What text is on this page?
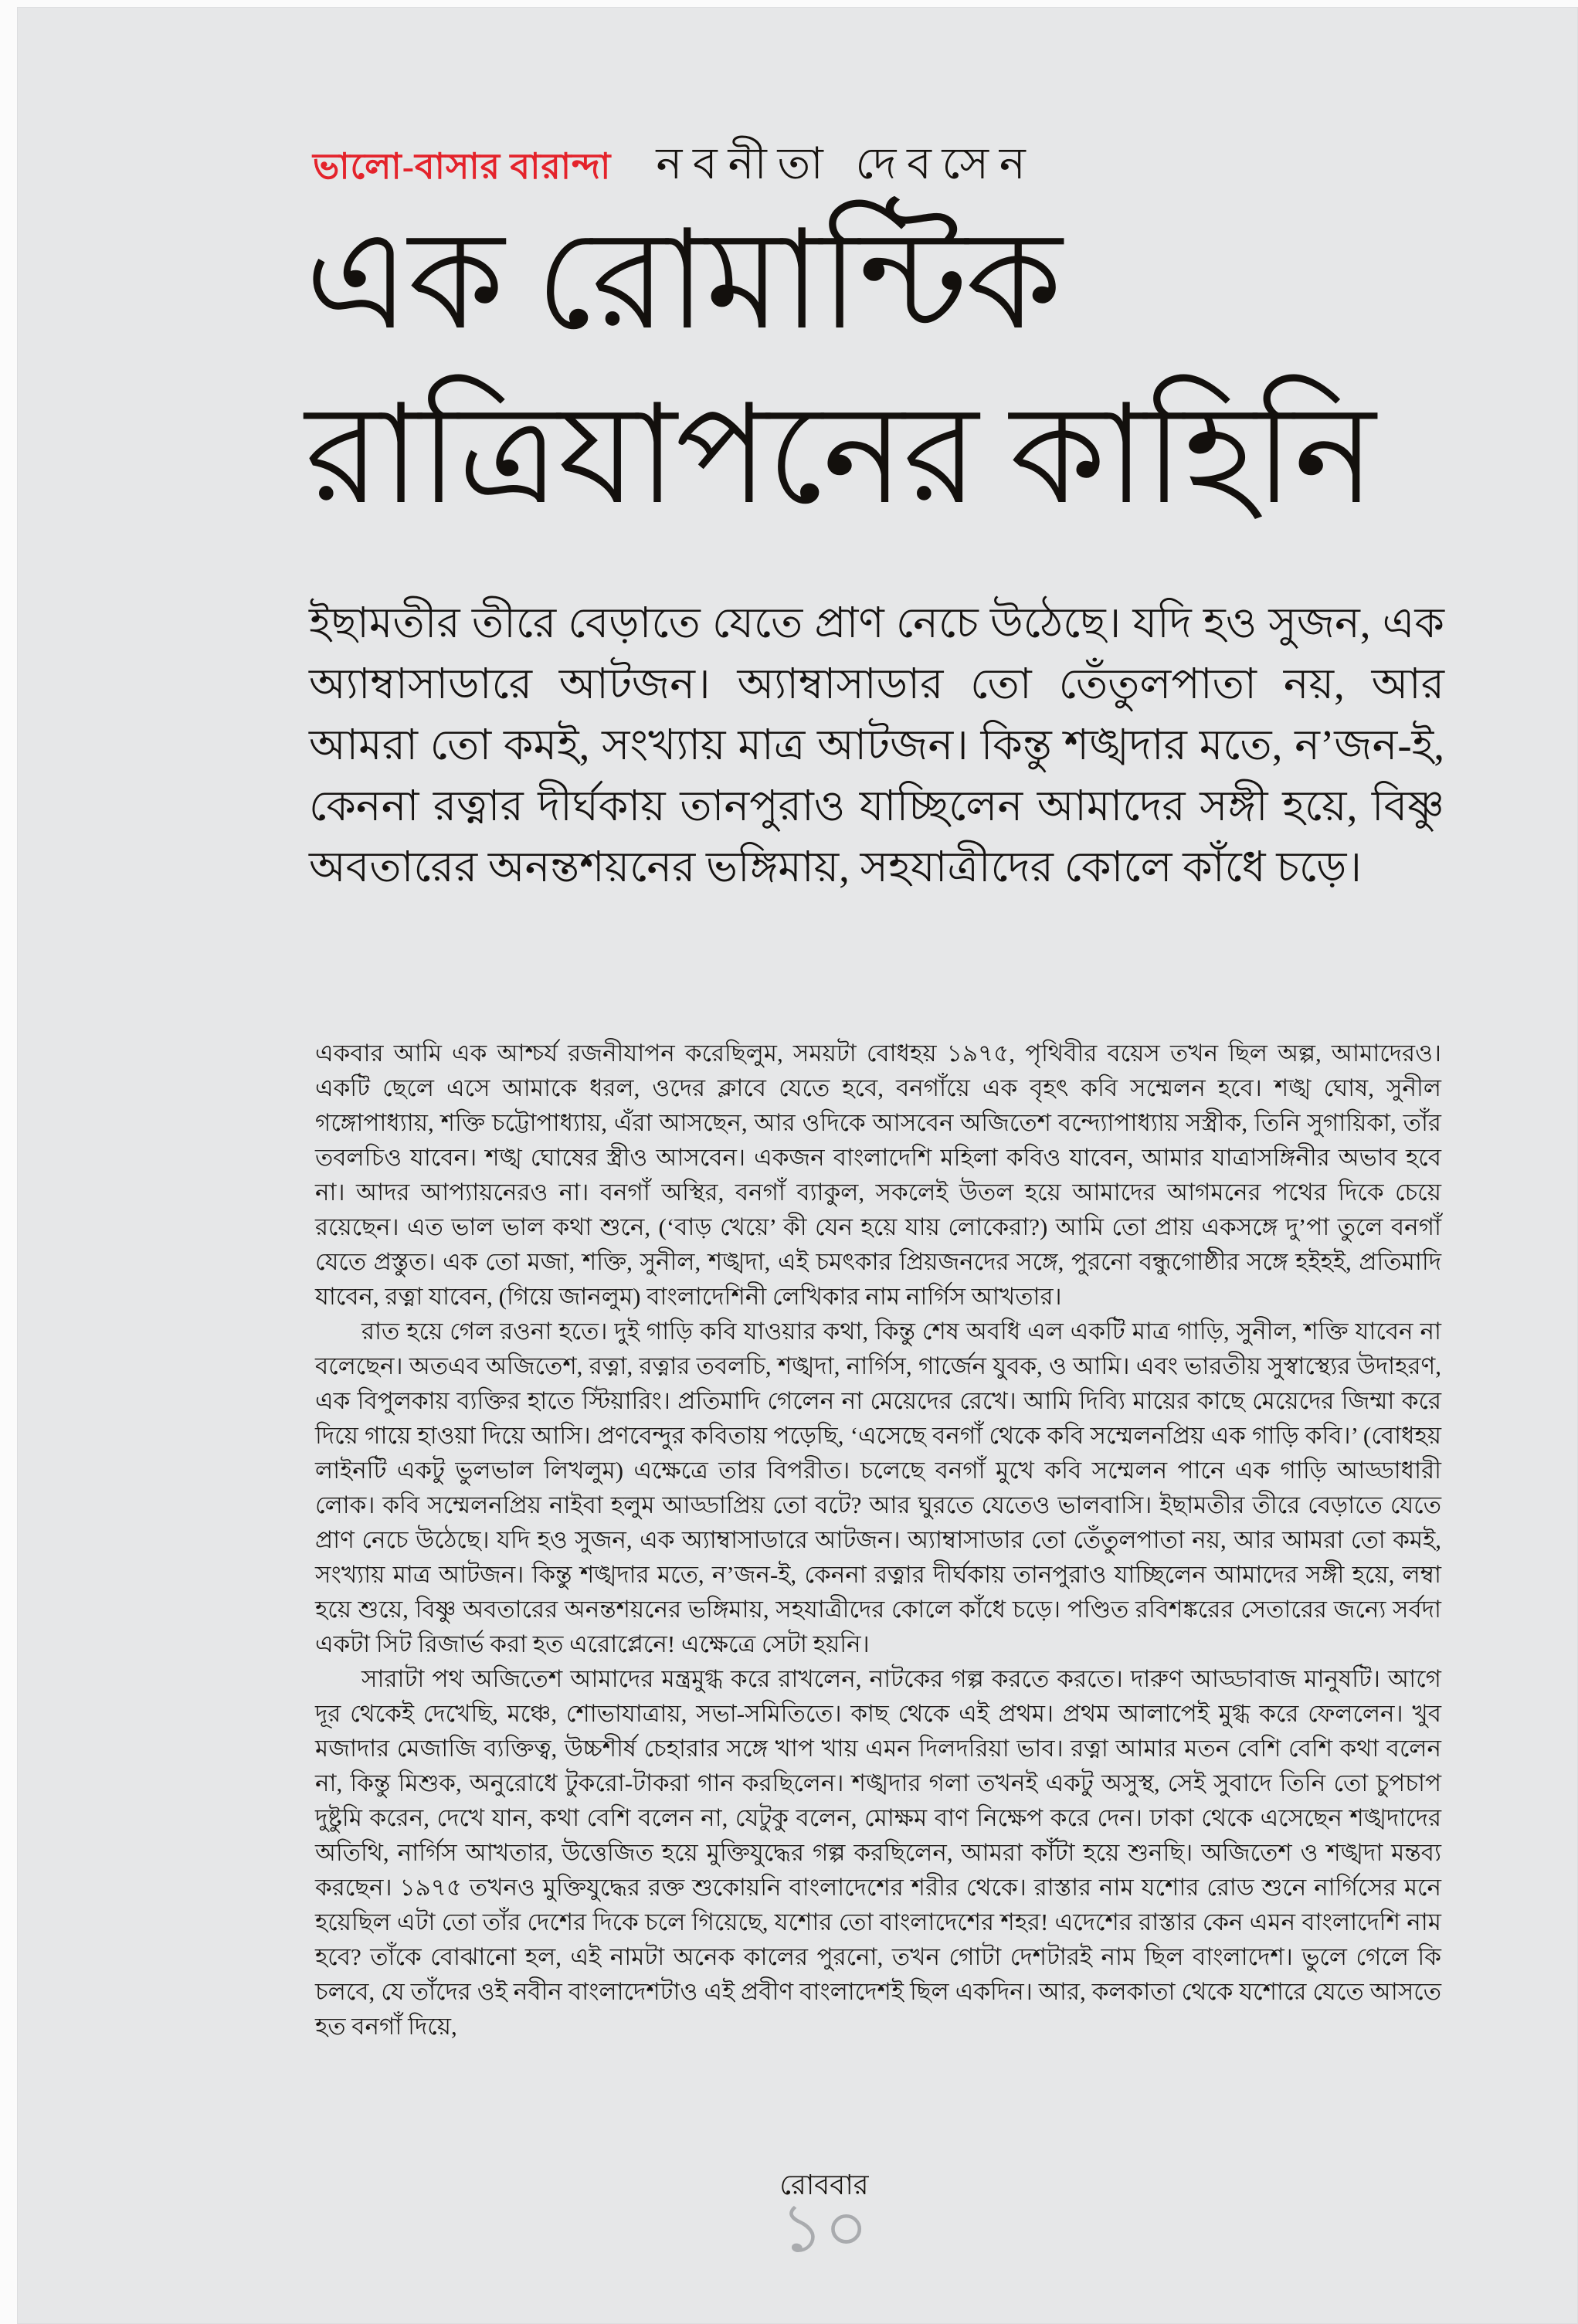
ভালো-বাসার বারান্দা নবনীতা দেবসেন
এক রোমান্টিক
রাত্রিযাপনের কাহিনি

ইছামতীর তীরে বেড়াতে যেতে প্রাণ নেচে উঠেছে। যদি হও সুজন, এক অ্যাম্বাসাডারে আটজন। অ্যাম্বাসাডার তো তেঁতুলপাতা নয়, আর আমরা তো কমই, সংখ্যায় মাত্র আটজন। কিন্তু শঙ্খদার মতে, ন’জন-ই, কেননা রত্নার দীর্ঘকায় তানপুরাও যাচ্ছিলেন আমাদের সঙ্গী হয়ে, বিষ্ণু অবতারের অনন্তশয়নের ভঙ্গিমায়, সহযাত্রীদের কোলে কাঁধে চড়ে।

একবার আমি এক আশ্চর্য রজনীযাপন করেছিলুম, সময়টা বোধহয় ১৯৭৫, পৃথিবীর বয়েস তখন ছিল অল্প, আমাদেরও। একটি ছেলে এসে আমাকে ধরল, ওদের ক্লাবে যেতে হবে, বনগাঁয়ে এক বৃহৎ কবি সম্মেলন হবে। শঙ্খ ঘোষ, সুনীল গঙ্গোপাধ্যায়, শক্তি চট্টোপাধ্যায়, এঁরা আসছেন, আর ওদিকে আসবেন অজিতেশ বন্দ্যোপাধ্যায় সস্ত্রীক, তিনি সুগায়িকা, তাঁর তবলচিও যাবেন। শঙ্খ ঘোষের স্ত্রীও আসবেন। একজন বাংলাদেশি মহিলা কবিও যাবেন, আমার যাত্রাসঙ্গিনীর অভাব হবে না। আদর আপ্যায়নেরও না। বনগাঁ অস্থির, বনগাঁ ব্যাকুল, সকলেই উতল হয়ে আমাদের আগমনের পথের দিকে চেয়ে রয়েছেন। এত ভাল ভাল কথা শুনে, (‘বাড় খেয়ে’ কী যেন হয়ে যায় লোকেরা?) আমি তো প্রায় একসঙ্গে দু’পা তুলে বনগাঁ যেতে প্রস্তুত। এক তো মজা, শক্তি, সুনীল, শঙ্খদা, এই চমৎকার প্রিয়জনদের সঙ্গে, পুরনো বন্ধুগোষ্ঠীর সঙ্গে হইহই, প্রতিমাদি যাবেন, রত্না যাবেন, (গিয়ে জানলুম) বাংলাদেশিনী লেখিকার নাম নার্গিস আখতার।

রাত হয়ে গেল রওনা হতে। দুই গাড়ি কবি যাওয়ার কথা, কিন্তু শেষ অবধি এল একটি মাত্র গাড়ি, সুনীল, শক্তি যাবেন না বলেছেন। অতএব অজিতেশ, রত্না, রত্নার তবলচি, শঙ্খদা, নার্গিস, গার্জেন যুবক, ও আমি। এবং ভারতীয় সুস্বাস্থ্যের উদাহরণ, এক বিপুলকায় ব্যক্তির হাতে স্টিয়ারিং। প্রতিমাদি গেলেন না মেয়েদের রেখে। আমি দিব্যি মায়ের কাছে মেয়েদের জিম্মা করে দিয়ে গায়ে হাওয়া দিয়ে আসি। প্রণবেন্দুর কবিতায় পড়েছি, ‘এসেছে বনগাঁ থেকে কবি সম্মেলনপ্রিয় এক গাড়ি কবি।’ (বোধহয় লাইনটি একটু ভুলভাল লিখলুম) এক্ষেত্রে তার বিপরীত। চলেছে বনগাঁ মুখে কবি সম্মেলন পানে এক গাড়ি আড্ডাধারী লোক। কবি সম্মেলনপ্রিয় নাইবা হলুম আড্ডাপ্রিয় তো বটে? আর ঘুরতে যেতেও ভালবাসি। ইছামতীর তীরে বেড়াতে যেতে প্রাণ নেচে উঠেছে। যদি হও সুজন, এক অ্যাম্বাসাডারে আটজন। অ্যাম্বাসাডার তো তেঁতুলপাতা নয়, আর আমরা তো কমই, সংখ্যায় মাত্র আটজন। কিন্তু শঙ্খদার মতে, ন’জন-ই, কেননা রত্নার দীর্ঘকায় তানপুরাও যাচ্ছিলেন আমাদের সঙ্গী হয়ে, লম্বা হয়ে শুয়ে, বিষ্ণু অবতারের অনন্তশয়নের ভঙ্গিমায়, সহযাত্রীদের কোলে কাঁধে চড়ে। পণ্ডিত রবিশঙ্করের সেতারের জন্যে সর্বদা একটা সিট রিজার্ভ করা হত এরোপ্লেনে! এক্ষেত্রে সেটা হয়নি।

সারাটা পথ অজিতেশ আমাদের মন্ত্রমুগ্ধ করে রাখলেন, নাটকের গল্প করতে করতে। দারুণ আড্ডাবাজ মানুষটি। আগে দূর থেকেই দেখেছি, মঞ্চে, শোভাযাত্রায়, সভা-সমিতিতে। কাছ থেকে এই প্রথম। প্রথম আলাপেই মুগ্ধ করে ফেললেন। খুব মজাদার মেজাজি ব্যক্তিত্ব, উচ্চশীর্ষ চেহারার সঙ্গে খাপ খায় এমন দিলদরিয়া ভাব। রত্না আমার মতন বেশি বেশি কথা বলেন না, কিন্তু মিশুক, অনুরোধে টুকরো-টাকরা গান করছিলেন। শঙ্খদার গলা তখনই একটু অসুস্থ, সেই সুবাদে তিনি তো চুপচাপ দুষ্টুমি করেন, দেখে যান, কথা বেশি বলেন না, যেটুকু বলেন, মোক্ষম বাণ নিক্ষেপ করে দেন। ঢাকা থেকে এসেছেন শঙ্খদাদের অতিথি, নার্গিস আখতার, উত্তেজিত হয়ে মুক্তিযুদ্ধের গল্প করছিলেন, আমরা কাঁটা হয়ে শুনছি। অজিতেশ ও শঙ্খদা মন্তব্য করছেন। ১৯৭৫ তখনও মুক্তিযুদ্ধের রক্ত শুকোয়নি বাংলাদেশের শরীর থেকে। রাস্তার নাম যশোর রোড শুনে নার্গিসের মনে হয়েছিল এটা তো তাঁর দেশের দিকে চলে গিয়েছে, যশোর তো বাংলাদেশের শহর! এদেশের রাস্তার কেন এমন বাংলাদেশি নাম হবে? তাঁকে বোঝানো হল, এই নামটা অনেক কালের পুরনো, তখন গোটা দেশটারই নাম ছিল বাংলাদেশ। ভুলে গেলে কি চলবে, যে তাঁদের ওই নবীন বাংলাদেশটাও এই প্রবীণ বাংলাদেশই ছিল একদিন। আর, কলকাতা থেকে যশোরে যেতে আসতে হত বনগাঁ দিয়ে,

রোববার
১০
